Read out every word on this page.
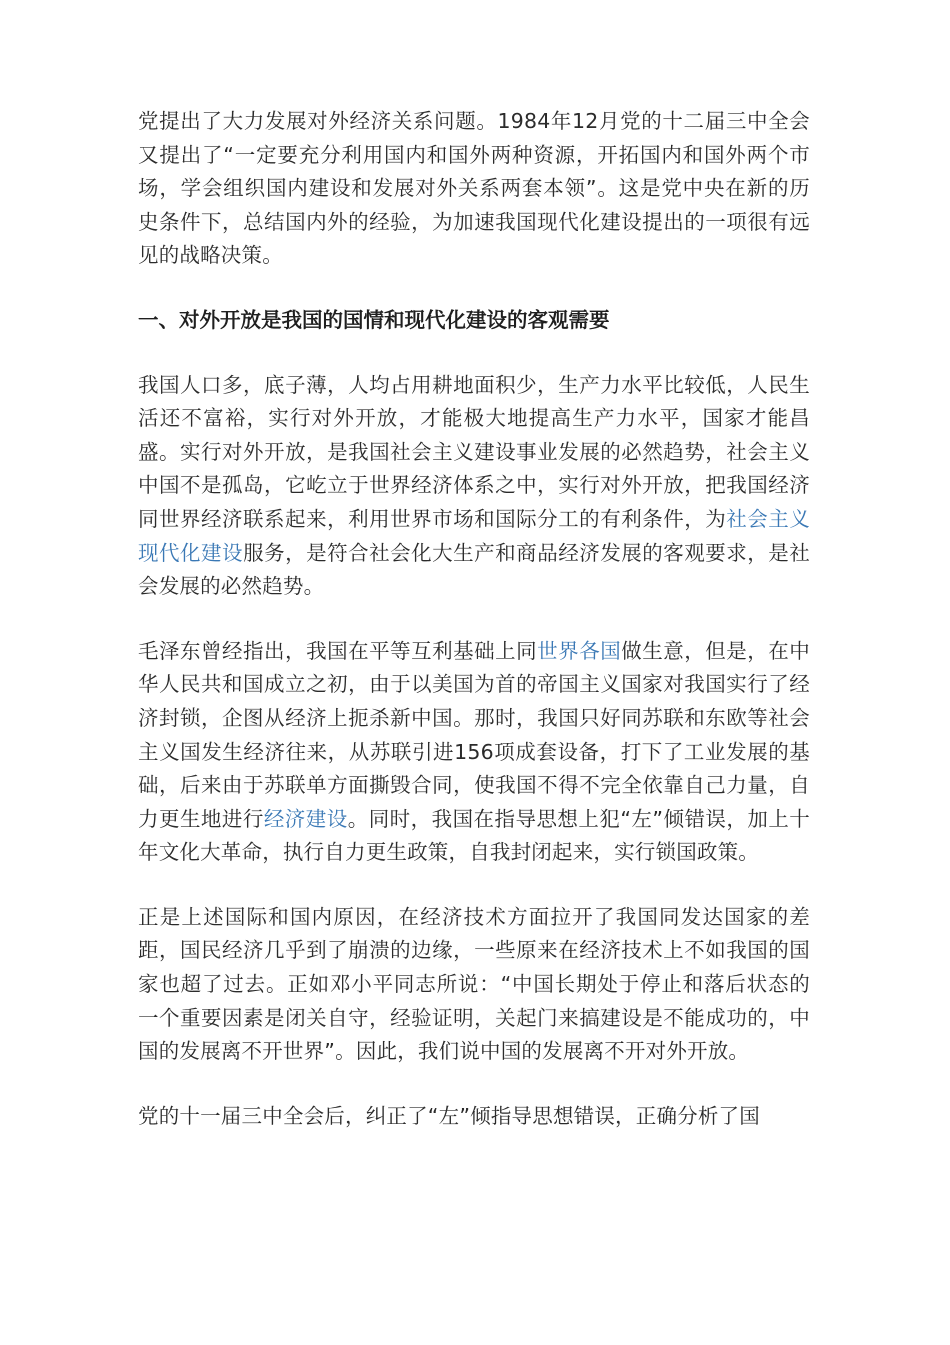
党提出了大力发展对外经济关系问题。1984年12月党的十二届三中全会又提出了“一定要充分利用国内和国外两种资源，开拓国内和国外两个市场，学会组织国内建设和发展对外关系两套本领”。这是党中央在新的历史条件下，总结国内外的经验，为加速我国现代化建设提出的一项很有远见的战略决策。

一、对外开放是我国的国情和现代化建设的客观需要

我国人口多，底子薄，人均占用耕地面积少，生产力水平比较低，人民生活还不富裕，实行对外开放，才能极大地提高生产力水平，国家才能昌盛。实行对外开放，是我国社会主义建设事业发展的必然趋势，社会主义中国不是孤岛，它屹立于世界经济体系之中，实行对外开放，把我国经济同世界经济联系起来，利用世界市场和国际分工的有利条件，为社会主义现代化建设服务，是符合社会化大生产和商品经济发展的客观要求，是社会发展的必然趋势。

毛泽东曾经指出，我国在平等互利基础上同世界各国做生意，但是，在中华人民共和国成立之初，由于以美国为首的帝国主义国家对我国实行了经济封锁，企图从经济上扼杀新中国。那时，我国只好同苏联和东欧等社会主义国发生经济往来，从苏联引进156项成套设备，打下了工业发展的基础，后来由于苏联单方面撕毁合同，使我国不得不完全依靠自己力量，自力更生地进行经济建设。同时，我国在指导思想上犯“左”倾错误，加上十年文化大革命，执行自力更生政策，自我封闭起来，实行锁国政策。

正是上述国际和国内原因，在经济技术方面拉开了我国同发达国家的差距，国民经济几乎到了崩溃的边缘，一些原来在经济技术上不如我国的国家也超了过去。正如邓小平同志所说：“中国长期处于停止和落后状态的一个重要因素是闭关自守，经验证明，关起门来搞建设是不能成功的，中国的发展离不开世界”。因此，我们说中国的发展离不开对外开放。

党的十一届三中全会后，纠正了“左”倾指导思想错误，正确分析了国
